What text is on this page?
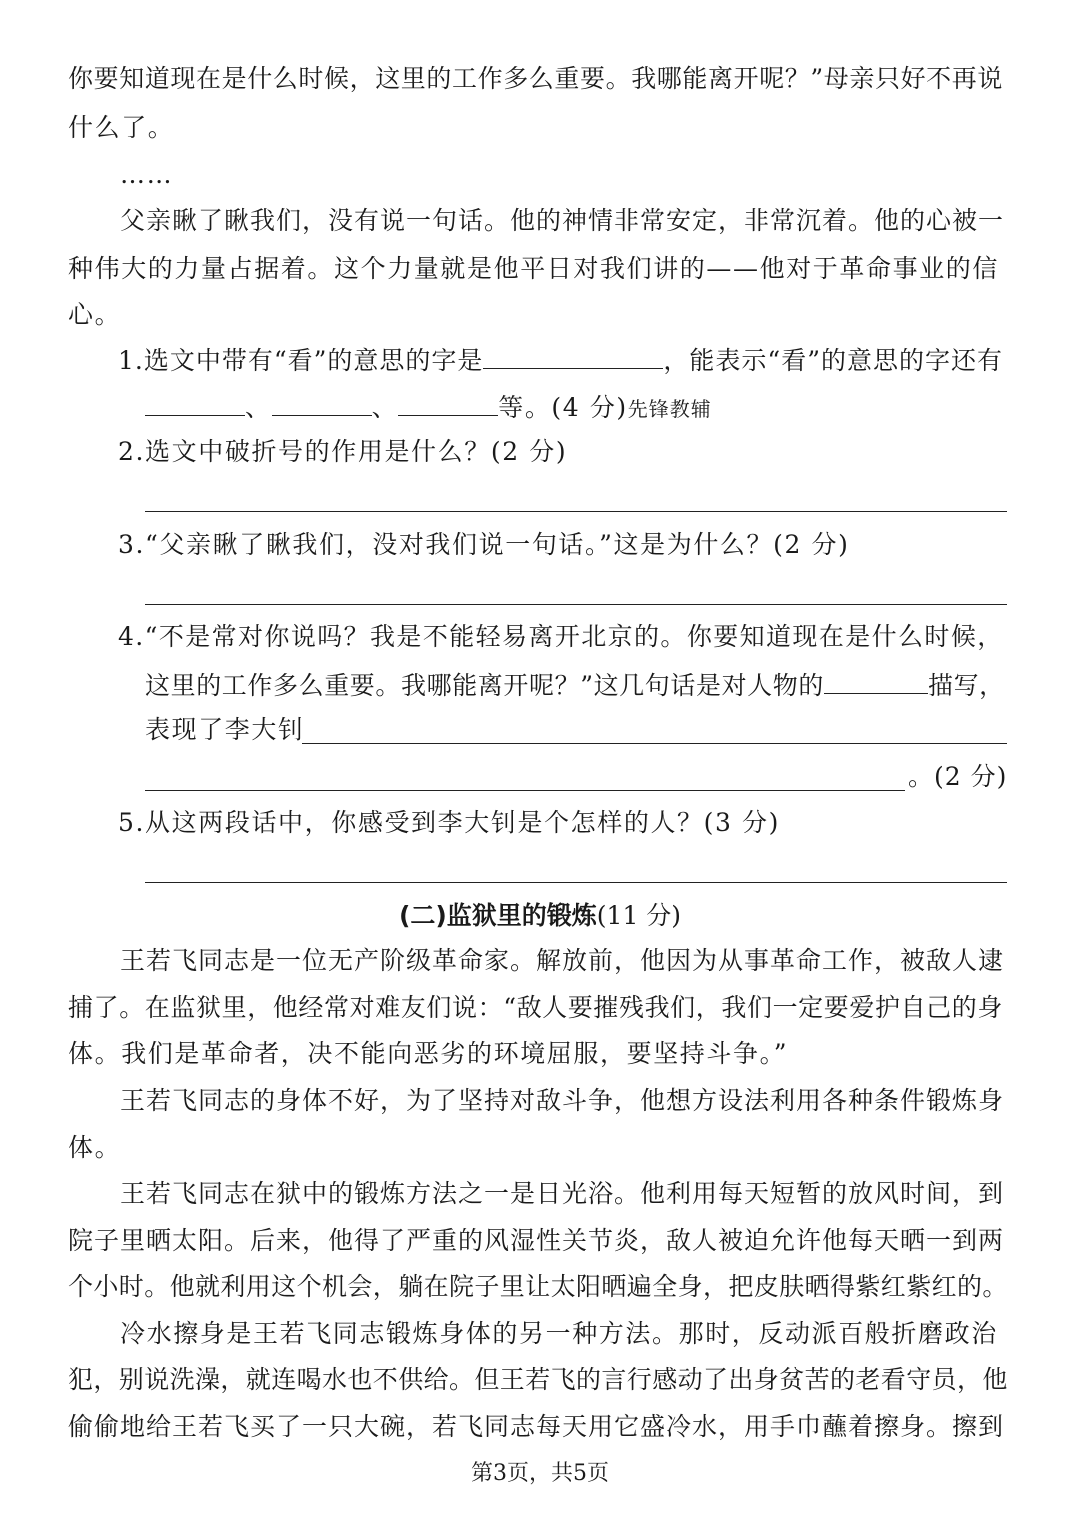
你要知道现在是什么时候，这里的工作多么重要。我哪能离开呢？”母亲只好不再说
什么了。
……
父亲瞅了瞅我们，没有说一句话。他的神情非常安定，非常沉着。他的心被一
种伟大的力量占据着。这个力量就是他平日对我们讲的——他对于革命事业的信
心。
1.选文中带有“看”的意思的字是	，能表示“看”的意思的字还有
、	、	等。(4 分)先锋教辅
2.选文中破折号的作用是什么？(2 分)
3.“父亲瞅了瞅我们，没对我们说一句话。”这是为什么？(2 分)
4.“不是常对你说吗？我是不能轻易离开北京的。你要知道现在是什么时候，
这里的工作多么重要。我哪能离开呢？”这几句话是对人物的	描写，
表现了李大钊
。(2 分)
5.从这两段话中，你感受到李大钊是个怎样的人？(3 分)
(二)监狱里的锻炼(11 分)
王若飞同志是一位无产阶级革命家。解放前，他因为从事革命工作，被敌人逮
捕了。在监狱里，他经常对难友们说：“敌人要摧残我们，我们一定要爱护自己的身
体。我们是革命者，决不能向恶劣的环境屈服，要坚持斗争。”
王若飞同志的身体不好，为了坚持对敌斗争，他想方设法利用各种条件锻炼身
体。
王若飞同志在狱中的锻炼方法之一是日光浴。他利用每天短暂的放风时间，到
院子里晒太阳。后来，他得了严重的风湿性关节炎，敌人被迫允许他每天晒一到两
个小时。他就利用这个机会，躺在院子里让太阳晒遍全身，把皮肤晒得紫红紫红的。
冷水擦身是王若飞同志锻炼身体的另一种方法。那时，反动派百般折磨政治
犯，别说洗澡，就连喝水也不供给。但王若飞的言行感动了出身贫苦的老看守员，他
偷偷地给王若飞买了一只大碗，若飞同志每天用它盛冷水，用手巾蘸着擦身。擦到
第3页，共5页
